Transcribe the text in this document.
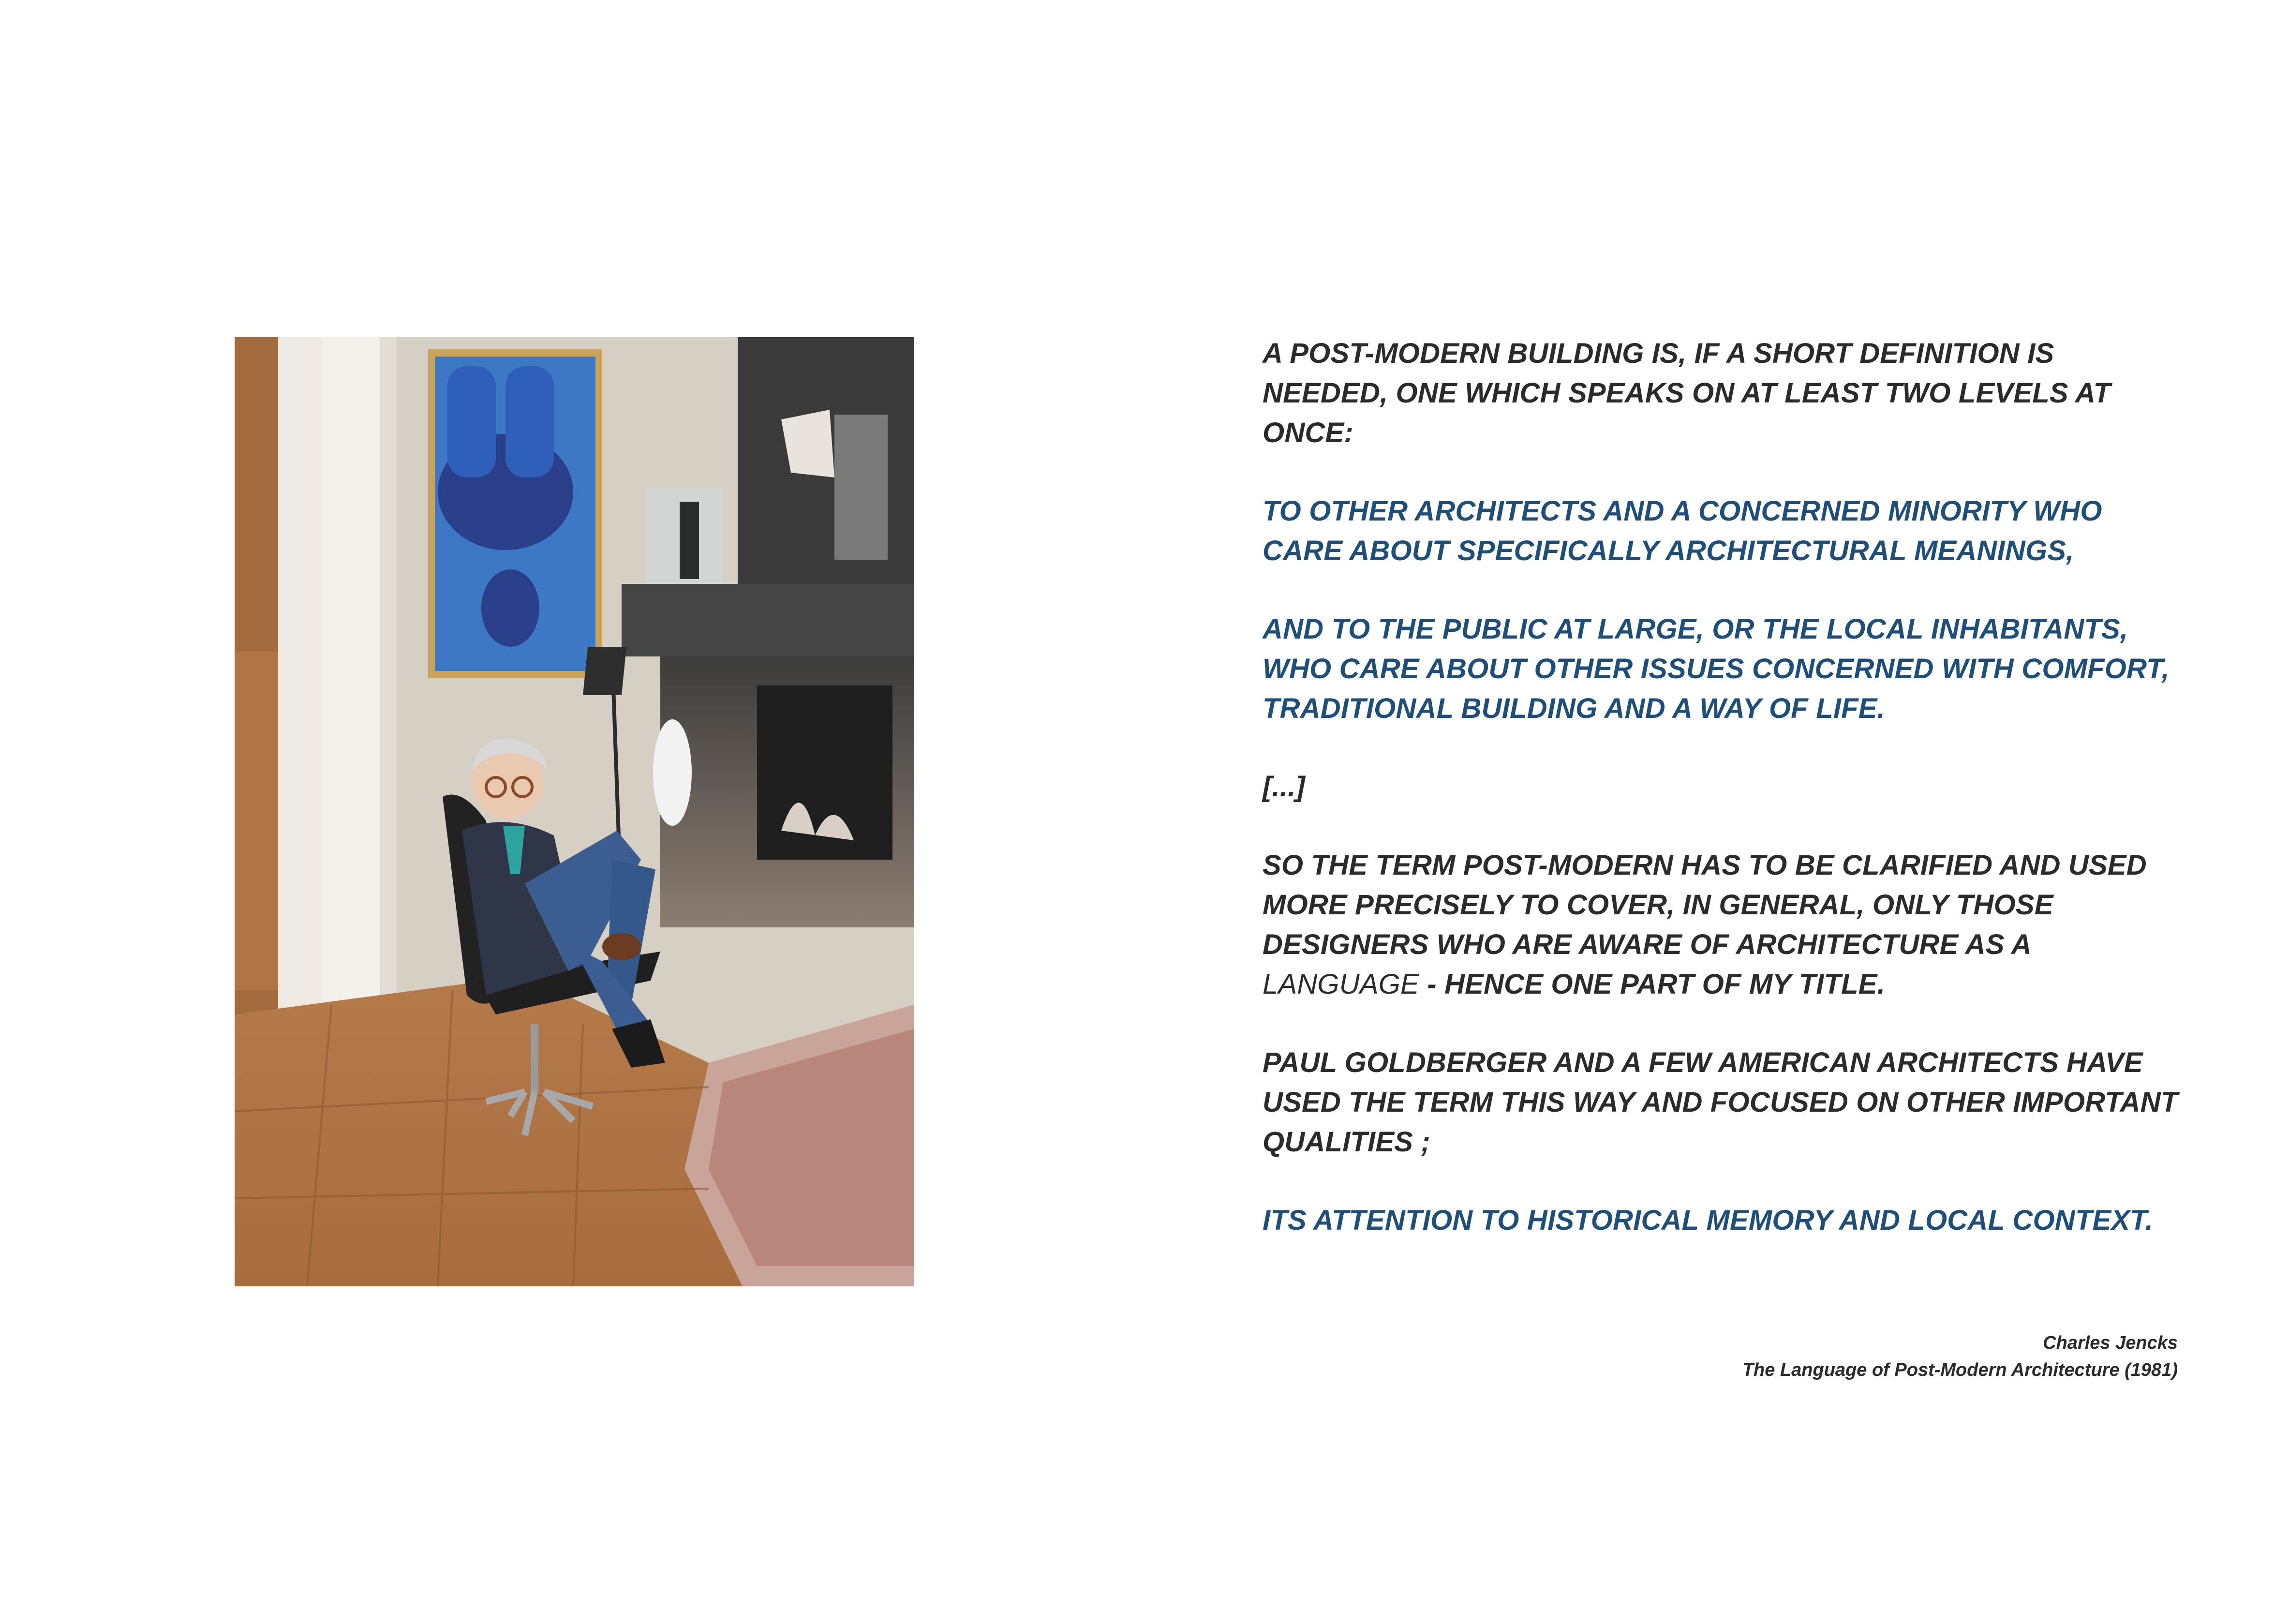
A POST-MODERN BUILDING IS, IF A SHORT DEFINITION IS NEEDED, ONE WHICH SPEAKS ON AT LEAST TWO LEVELS AT ONCE:

TO OTHER ARCHITECTS AND A CONCERNED MINORITY WHO CARE ABOUT SPECIFICALLY ARCHITECTURAL MEANINGS,

AND TO THE PUBLIC AT LARGE, OR THE LOCAL INHABITANTS, WHO CARE ABOUT OTHER ISSUES CONCERNED WITH COMFORT, TRADITIONAL BUILDING AND A WAY OF LIFE.

[...]

SO THE TERM POST-MODERN HAS TO BE CLARIFIED AND USED MORE PRECISELY TO COVER, IN GENERAL, ONLY THOSE DESIGNERS WHO ARE AWARE OF ARCHITECTURE AS A LANGUAGE - HENCE ONE PART OF MY TITLE.

PAUL GOLDBERGER AND A FEW AMERICAN ARCHITECTS HAVE USED THE TERM THIS WAY AND FOCUSED ON OTHER IMPORTANT QUALITIES ;

ITS ATTENTION TO HISTORICAL MEMORY AND LOCAL CONTEXT.

Charles Jencks
The Language of Post-Modern Architecture (1981)
